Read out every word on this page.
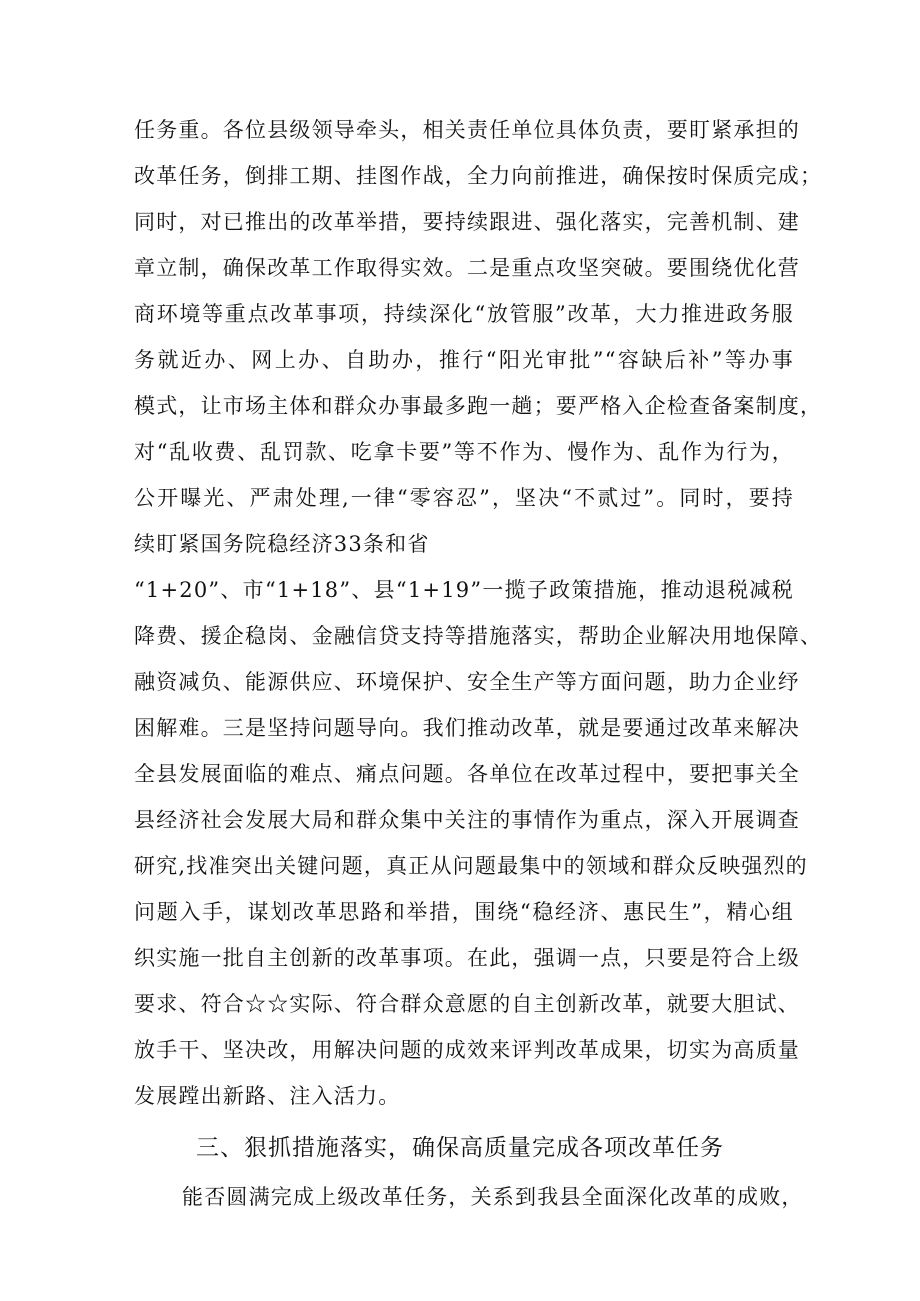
任务重。各位县级领导牵头，相关责任单位具体负责，要盯紧承担的
改革任务，倒排工期、挂图作战，全力向前推进，确保按时保质完成；
同时，对已推出的改革举措，要持续跟进、强化落实，完善机制、建
章立制，确保改革工作取得实效。二是重点攻坚突破。要围绕优化营
商环境等重点改革事项，持续深化“放管服”改革，大力推进政务服
务就近办、网上办、自助办，推行“阳光审批”“容缺后补”等办事
模式，让市场主体和群众办事最多跑一趟；要严格入企检查备案制度，
对“乱收费、乱罚款、吃拿卡要”等不作为、慢作为、乱作为行为，
公开曝光、严肃处理,一律“零容忍”，坚决“不贰过”。同时，要持
续盯紧国务院稳经济33条和省
“1+20”、市“1+18”、县“1+19”一揽子政策措施，推动退税减税
降费、援企稳岗、金融信贷支持等措施落实，帮助企业解决用地保障、
融资减负、能源供应、环境保护、安全生产等方面问题，助力企业纾
困解难。三是坚持问题导向。我们推动改革，就是要通过改革来解决
全县发展面临的难点、痛点问题。各单位在改革过程中，要把事关全
县经济社会发展大局和群众集中关注的事情作为重点，深入开展调查
研究,找准突出关键问题，真正从问题最集中的领域和群众反映强烈的
问题入手，谋划改革思路和举措，围绕“稳经济、惠民生”，精心组
织实施一批自主创新的改革事项。在此，强调一点，只要是符合上级
要求、符合☆☆实际、符合群众意愿的自主创新改革，就要大胆试、
放手干、坚决改，用解决问题的成效来评判改革成果，切实为高质量
发展蹚出新路、注入活力。
三、狠抓措施落实，确保高质量完成各项改革任务
能否圆满完成上级改革任务，关系到我县全面深化改革的成败，
